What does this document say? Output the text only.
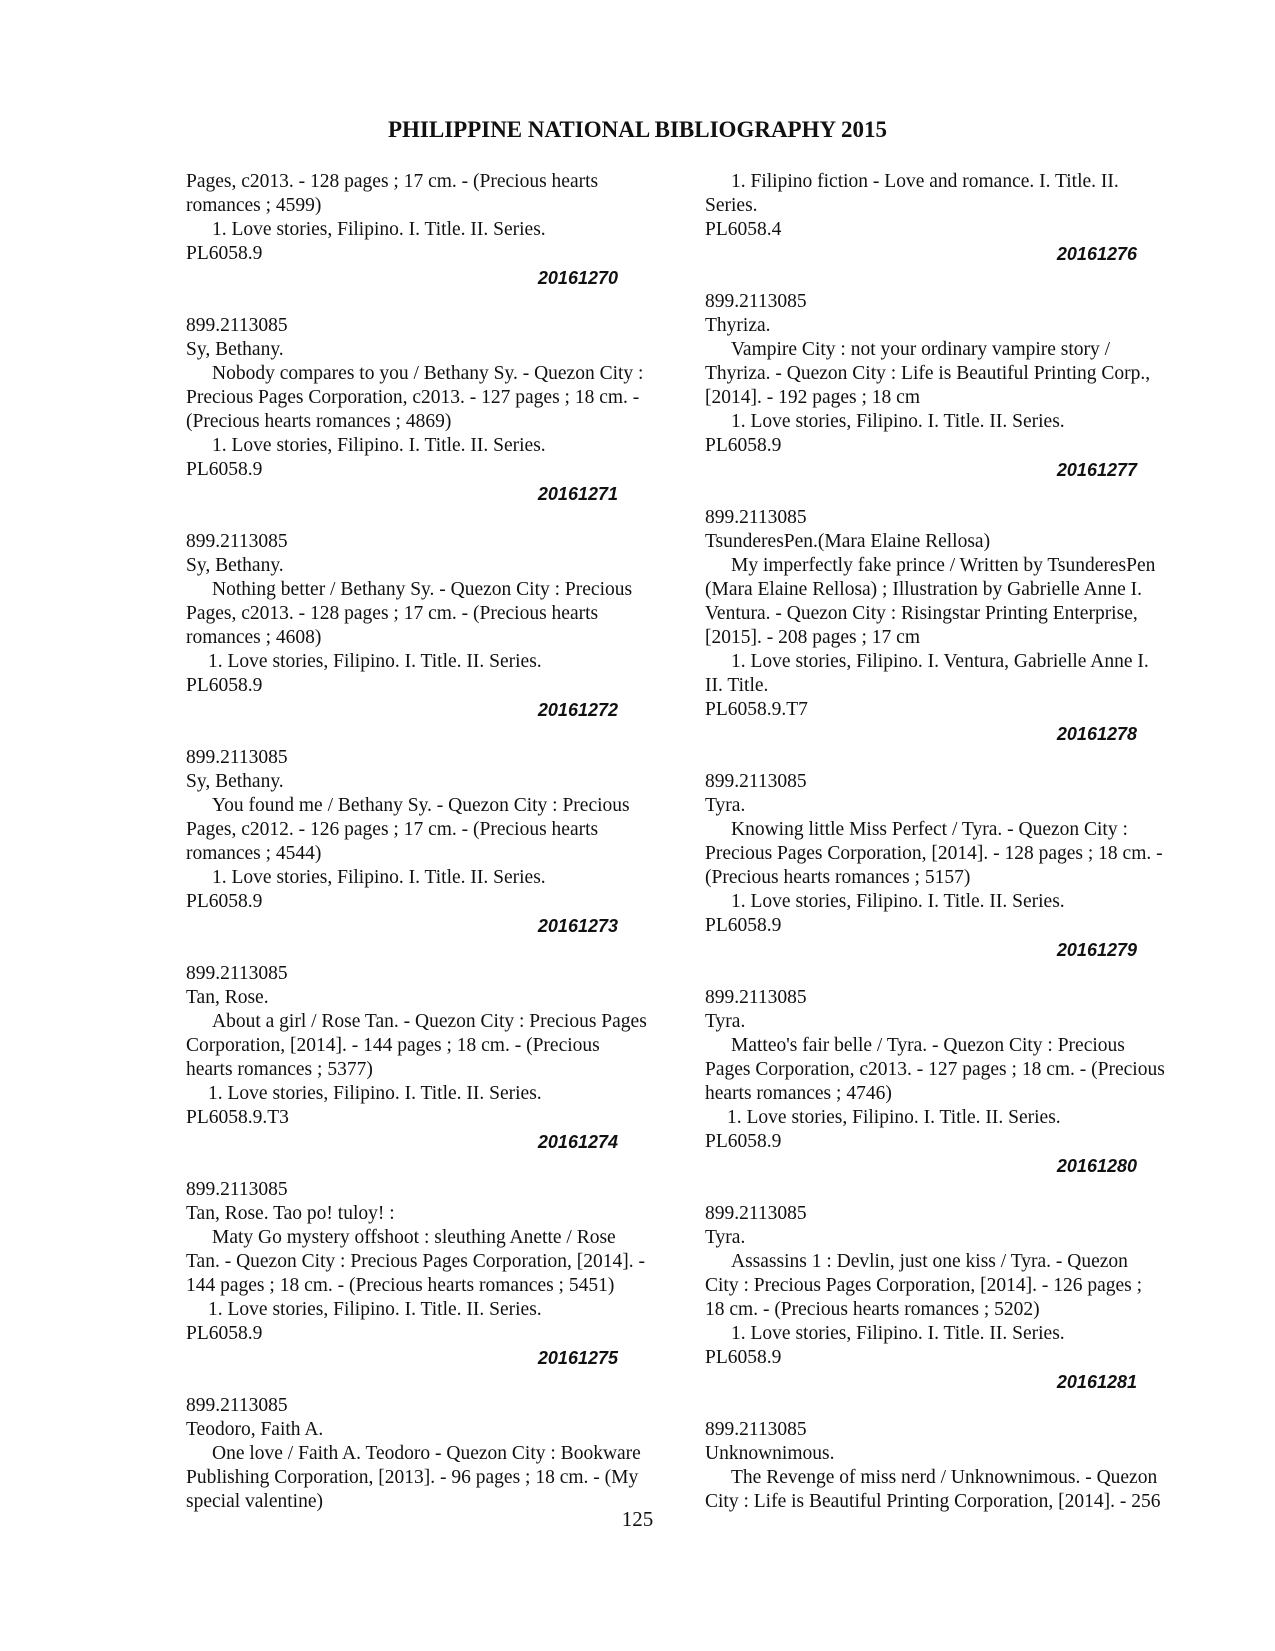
PHILIPPINE NATIONAL BIBLIOGRAPHY 2015
Pages, c2013. - 128 pages ; 17 cm. - (Precious hearts
romances ; 4599)
1. Love stories, Filipino. I. Title. II. Series.
PL6058.9
20161270
899.2113085
Sy, Bethany.
Nobody compares to you / Bethany Sy. - Quezon City :
Precious Pages Corporation, c2013. - 127 pages ; 18 cm. -
(Precious hearts romances ; 4869)
1. Love stories, Filipino. I. Title. II. Series.
PL6058.9
20161271
899.2113085
Sy, Bethany.
Nothing better / Bethany Sy. - Quezon City : Precious
Pages, c2013. - 128 pages ; 17 cm. - (Precious hearts
romances ; 4608)
1. Love stories, Filipino. I. Title. II. Series.
PL6058.9
20161272
899.2113085
Sy, Bethany.
You found me / Bethany Sy. - Quezon City : Precious
Pages, c2012. - 126 pages ; 17 cm. - (Precious hearts
romances ; 4544)
1. Love stories, Filipino. I. Title. II. Series.
PL6058.9
20161273
899.2113085
Tan, Rose.
About a girl / Rose Tan. - Quezon City : Precious Pages
Corporation, [2014]. - 144 pages ; 18 cm. - (Precious
hearts romances ; 5377)
1. Love stories, Filipino. I. Title. II. Series.
PL6058.9.T3
20161274
899.2113085
Tan, Rose. Tao po! tuloy! :
Maty Go mystery offshoot : sleuthing Anette / Rose
Tan. - Quezon City : Precious Pages Corporation, [2014]. -
144 pages ; 18 cm. - (Precious hearts romances ; 5451)
1. Love stories, Filipino. I. Title. II. Series.
PL6058.9
20161275
899.2113085
Teodoro, Faith A.
One love / Faith A. Teodoro - Quezon City : Bookware
Publishing Corporation, [2013]. - 96 pages ; 18 cm. - (My
special valentine)
1. Filipino fiction - Love and romance. I. Title. II.
Series.
PL6058.4
20161276
899.2113085
Thyriza.
Vampire City : not your ordinary vampire story /
Thyriza. - Quezon City : Life is Beautiful Printing Corp.,
[2014]. - 192 pages ; 18 cm
1. Love stories, Filipino. I. Title. II. Series.
PL6058.9
20161277
899.2113085
TsunderesPen.(Mara Elaine Rellosa)
My imperfectly fake prince / Written by TsunderesPen
(Mara Elaine Rellosa) ; Illustration by Gabrielle Anne I.
Ventura. - Quezon City : Risingstar Printing Enterprise,
[2015]. - 208 pages ; 17 cm
1. Love stories, Filipino. I. Ventura, Gabrielle Anne I.
II. Title.
PL6058.9.T7
20161278
899.2113085
Tyra.
Knowing little Miss Perfect / Tyra. - Quezon City :
Precious Pages Corporation, [2014]. - 128 pages ; 18 cm. -
(Precious hearts romances ; 5157)
1. Love stories, Filipino. I. Title. II. Series.
PL6058.9
20161279
899.2113085
Tyra.
Matteo's fair belle / Tyra. - Quezon City : Precious
Pages Corporation, c2013. - 127 pages ; 18 cm. - (Precious
hearts romances ; 4746)
1. Love stories, Filipino. I. Title. II. Series.
PL6058.9
20161280
899.2113085
Tyra.
Assassins 1 : Devlin, just one kiss / Tyra. - Quezon
City : Precious Pages Corporation, [2014]. - 126 pages ;
18 cm. - (Precious hearts romances ; 5202)
1. Love stories, Filipino. I. Title. II. Series.
PL6058.9
20161281
899.2113085
Unknownimous.
The Revenge of miss nerd / Unknownimous. - Quezon
City : Life is Beautiful Printing Corporation, [2014]. - 256
125
